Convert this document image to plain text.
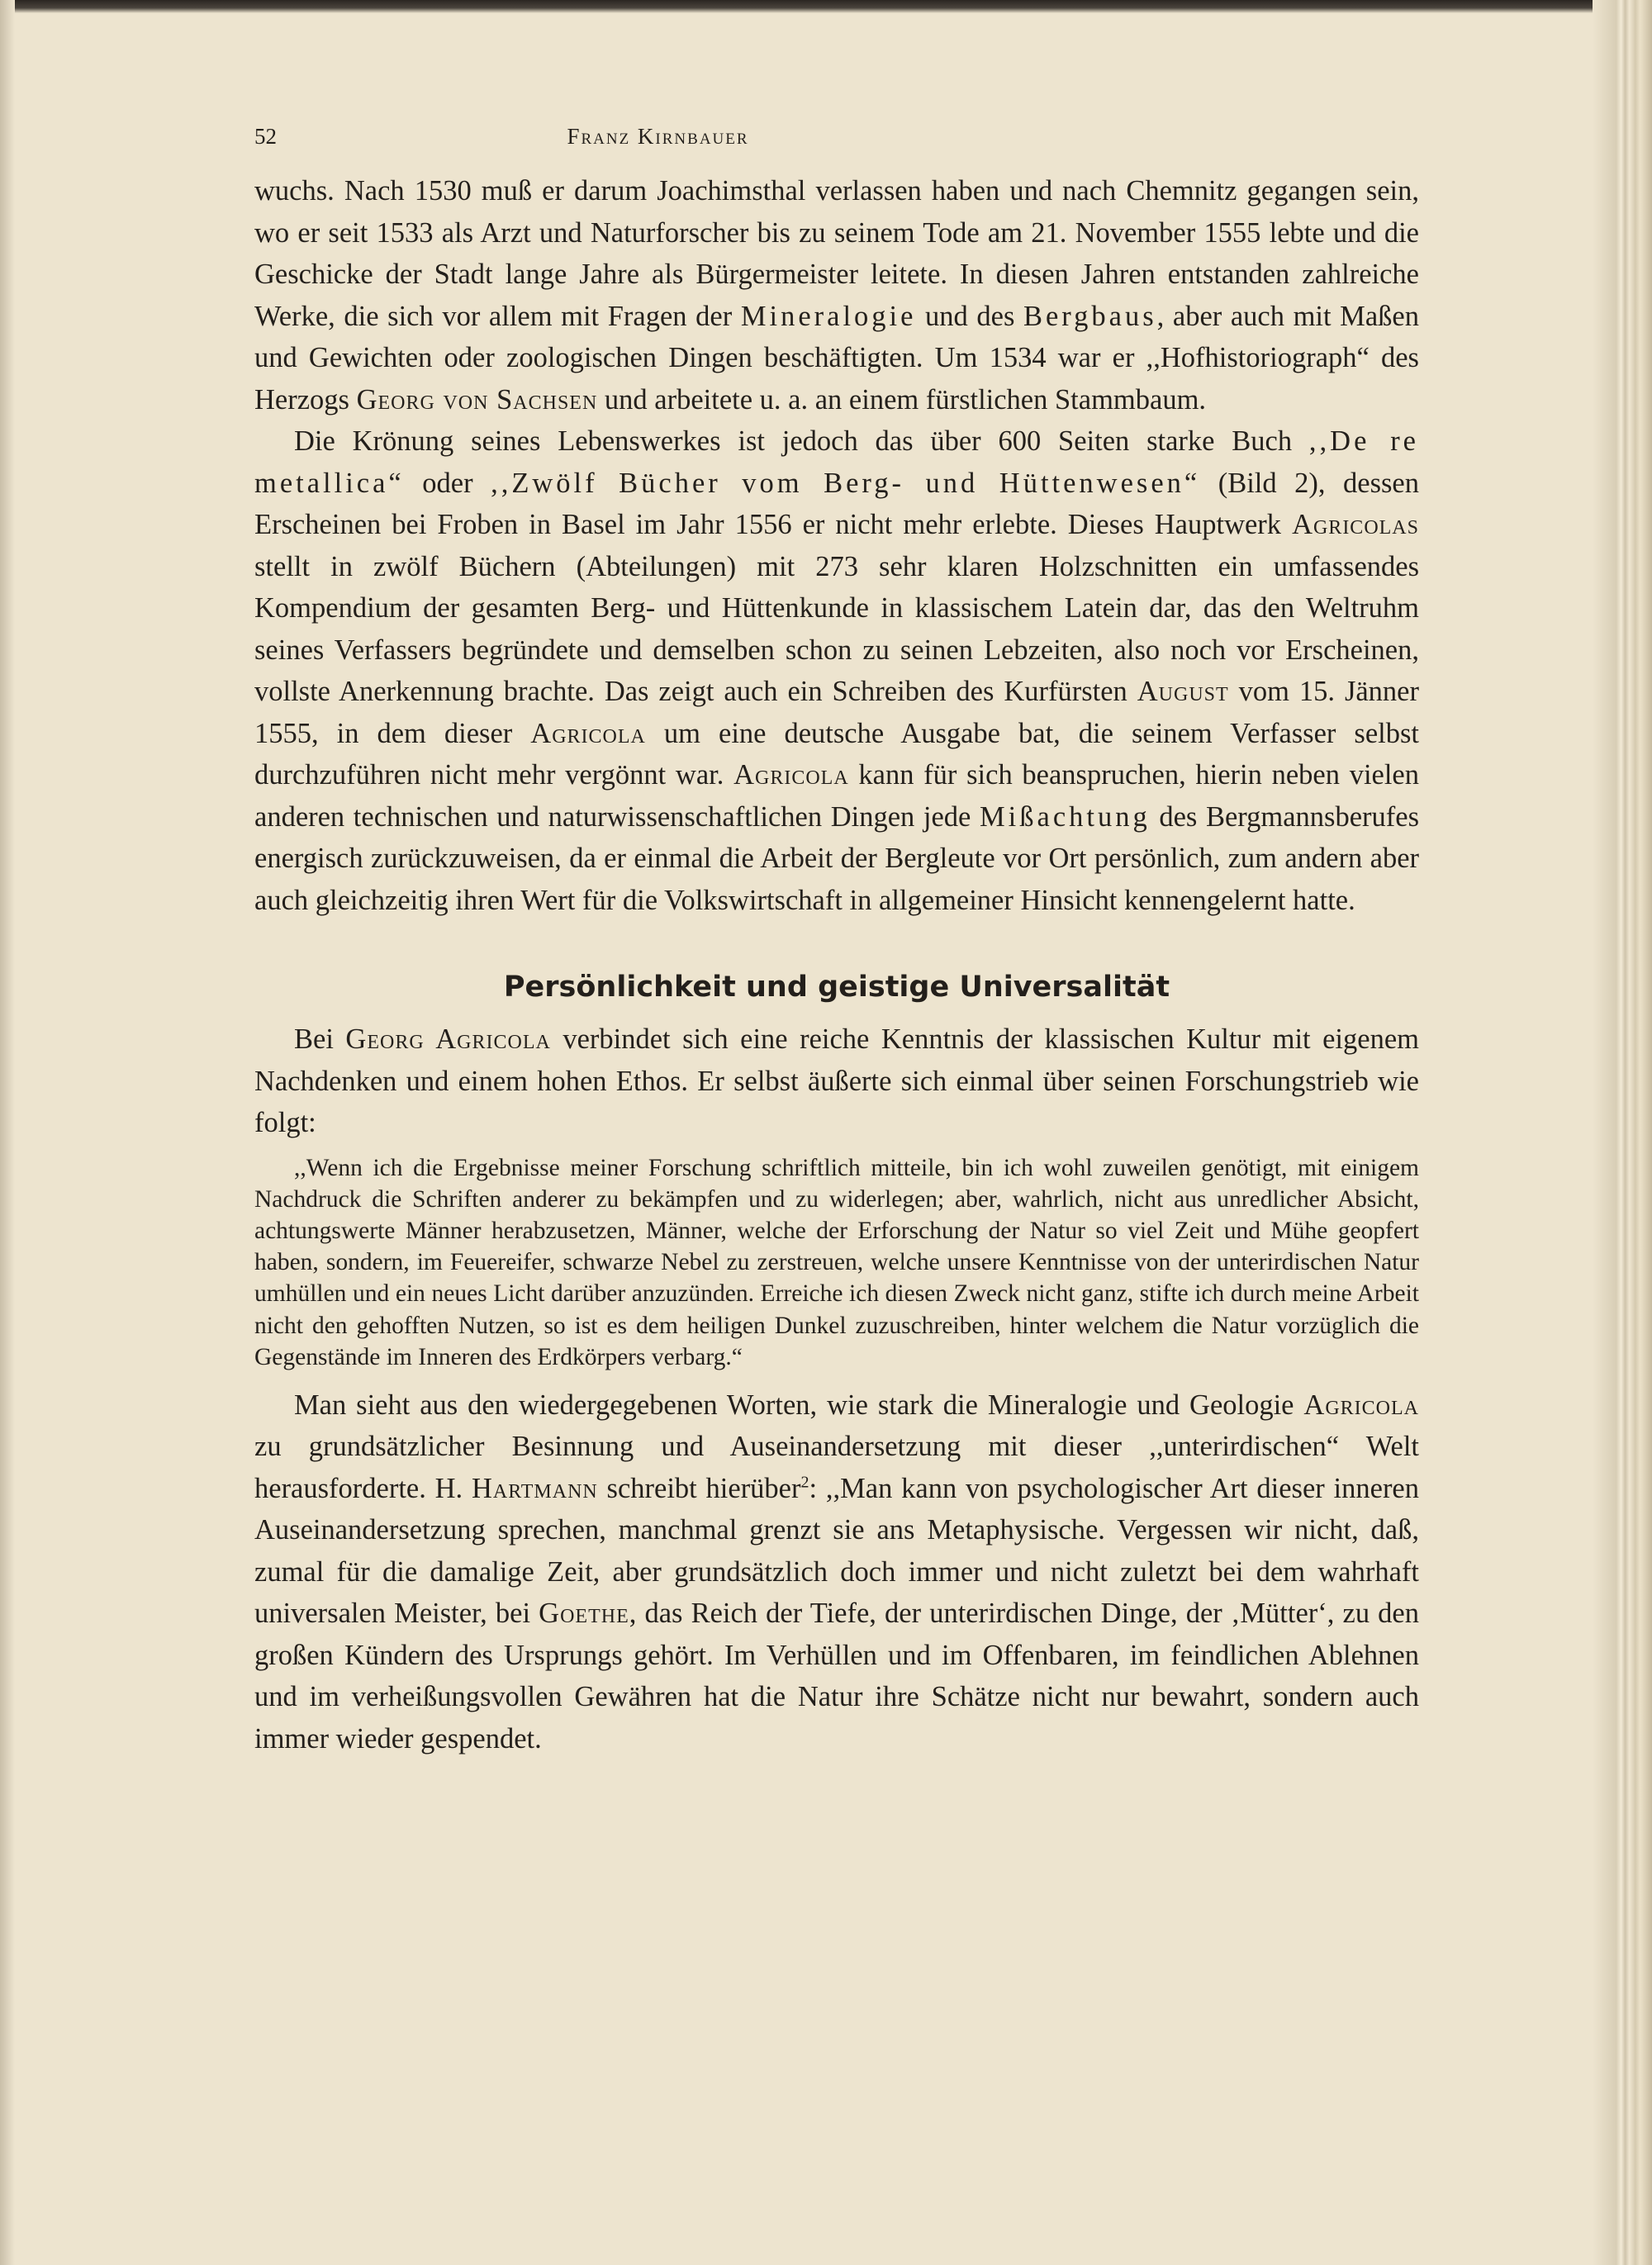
52	Franz Kirnbauer

wuchs. Nach 1530 muß er darum Joachimsthal verlassen haben und nach Chemnitz gegangen sein, wo er seit 1533 als Arzt und Naturforscher bis zu seinem Tode am 21. November 1555 lebte und die Geschicke der Stadt lange Jahre als Bürgermeister leitete. In diesen Jahren entstanden zahlreiche Werke, die sich vor allem mit Fragen der Mineralogie und des Bergbaus, aber auch mit Maßen und Gewichten oder zoologischen Dingen beschäftigten. Um 1534 war er ,,Hofhistoriograph“ des Herzogs Georg von Sachsen und arbeitete u. a. an einem fürstlichen Stammbaum.

Die Krönung seines Lebenswerkes ist jedoch das über 600 Seiten starke Buch ,,De re metallica“ oder ,,Zwölf Bücher vom Berg- und Hüttenwesen“ (Bild 2), dessen Erscheinen bei Froben in Basel im Jahr 1556 er nicht mehr erlebte. Dieses Hauptwerk Agricolas stellt in zwölf Büchern (Abteilungen) mit 273 sehr klaren Holzschnitten ein umfassendes Kompendium der gesamten Berg- und Hüttenkunde in klassischem Latein dar, das den Weltruhm seines Verfassers begründete und demselben schon zu seinen Lebzeiten, also noch vor Erscheinen, vollste Anerkennung brachte. Das zeigt auch ein Schreiben des Kurfürsten August vom 15. Jänner 1555, in dem dieser Agricola um eine deutsche Ausgabe bat, die seinem Verfasser selbst durchzuführen nicht mehr vergönnt war. Agricola kann für sich beanspruchen, hierin neben vielen anderen technischen und naturwissenschaftlichen Dingen jede Mißachtung des Bergmannsberufes energisch zurückzuweisen, da er einmal die Arbeit der Bergleute vor Ort persönlich, zum andern aber auch gleichzeitig ihren Wert für die Volkswirtschaft in allgemeiner Hinsicht kennengelernt hatte.

Persönlichkeit und geistige Universalität

Bei Georg Agricola verbindet sich eine reiche Kenntnis der klassischen Kultur mit eigenem Nachdenken und einem hohen Ethos. Er selbst äußerte sich einmal über seinen Forschungstrieb wie folgt:

,,Wenn ich die Ergebnisse meiner Forschung schriftlich mitteile, bin ich wohl zuweilen genötigt, mit einigem Nachdruck die Schriften anderer zu bekämpfen und zu widerlegen; aber, wahrlich, nicht aus unredlicher Absicht, achtungswerte Männer herabzusetzen, Männer, welche der Erforschung der Natur so viel Zeit und Mühe geopfert haben, sondern, im Feuereifer, schwarze Nebel zu zerstreuen, welche unsere Kenntnisse von der unterirdischen Natur umhüllen und ein neues Licht darüber anzuzünden. Erreiche ich diesen Zweck nicht ganz, stifte ich durch meine Arbeit nicht den gehofften Nutzen, so ist es dem heiligen Dunkel zuzuschreiben, hinter welchem die Natur vorzüglich die Gegenstände im Inneren des Erdkörpers verbarg.“

Man sieht aus den wiedergegebenen Worten, wie stark die Mineralogie und Geologie Agricola zu grundsätzlicher Besinnung und Auseinandersetzung mit dieser ,,unterirdischen“ Welt herausforderte. H. Hartmann schreibt hierüber$^2$: ,,Man kann von psychologischer Art dieser inneren Auseinandersetzung sprechen, manchmal grenzt sie ans Metaphysische. Vergessen wir nicht, daß, zumal für die damalige Zeit, aber grundsätzlich doch immer und nicht zuletzt bei dem wahrhaft universalen Meister, bei Goethe, das Reich der Tiefe, der unterirdischen Dinge, der ‚Mütter‘, zu den großen Kündern des Ursprungs gehört. Im Verhüllen und im Offenbaren, im feindlichen Ablehnen und im verheißungsvollen Gewähren hat die Natur ihre Schätze nicht nur bewahrt, sondern auch immer wieder gespendet.
